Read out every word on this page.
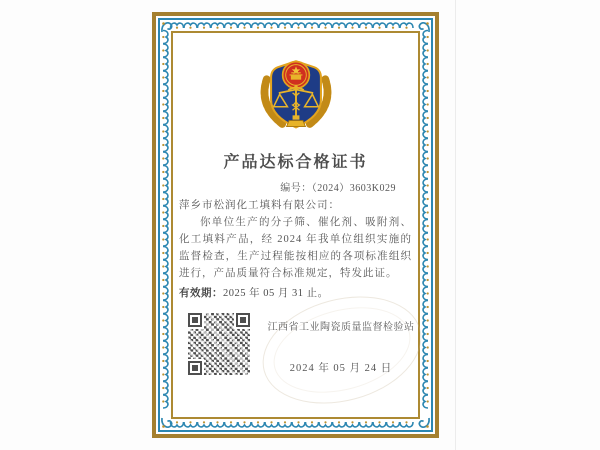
产品达标合格证书
编号：（2024）3603K029
萍乡市松润化工填料有限公司：
你单位生产的分子筛、催化剂、吸附剂、化工填料产品，经 2024 年我单位组织实施的监督检查，生产过程能按相应的各项标准组织进行，产品质量符合标准规定，特发此证。
有效期：2025 年 05 月 31 止。
江西省工业陶瓷质量监督检验站
2024 年 05 月 24 日
